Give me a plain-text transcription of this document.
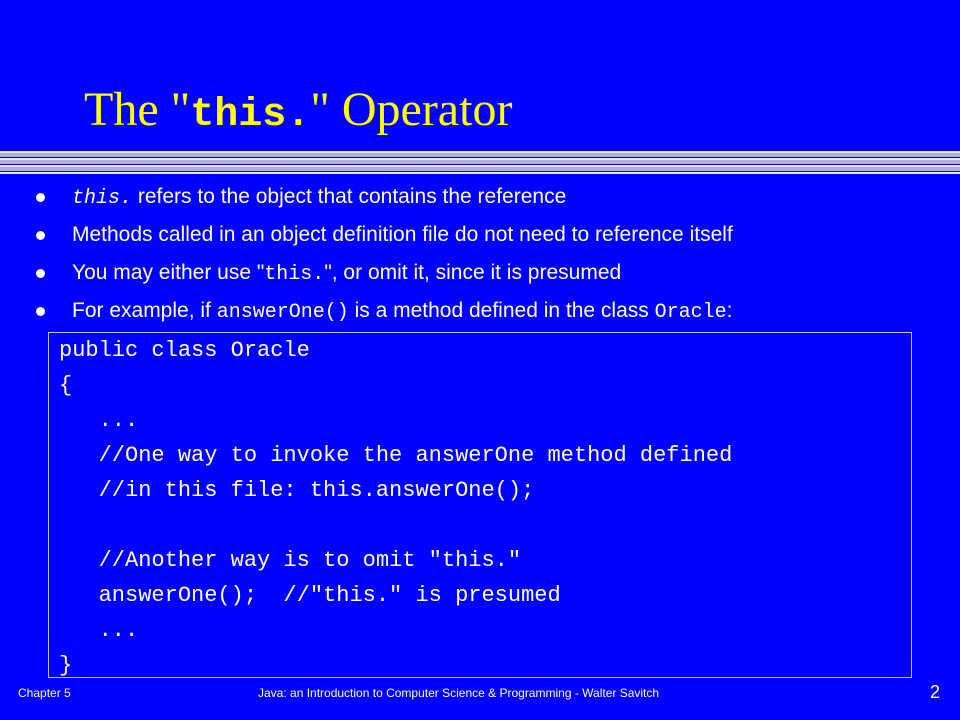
The "this." Operator
this. refers to the object that contains the reference
Methods called in an object definition file do not need to reference itself
You may either use "this.", or omit it, since it is presumed
For example, if answerOne() is a method defined in the class Oracle:
public class Oracle
{
...
//One way to invoke the answerOne method defined
//in this file: this.answerOne();
//Another way is to omit "this."
answerOne();  //"this." is presumed
...
}
Chapter 5	Java: an Introduction to Computer Science & Programming - Walter Savitch	2
